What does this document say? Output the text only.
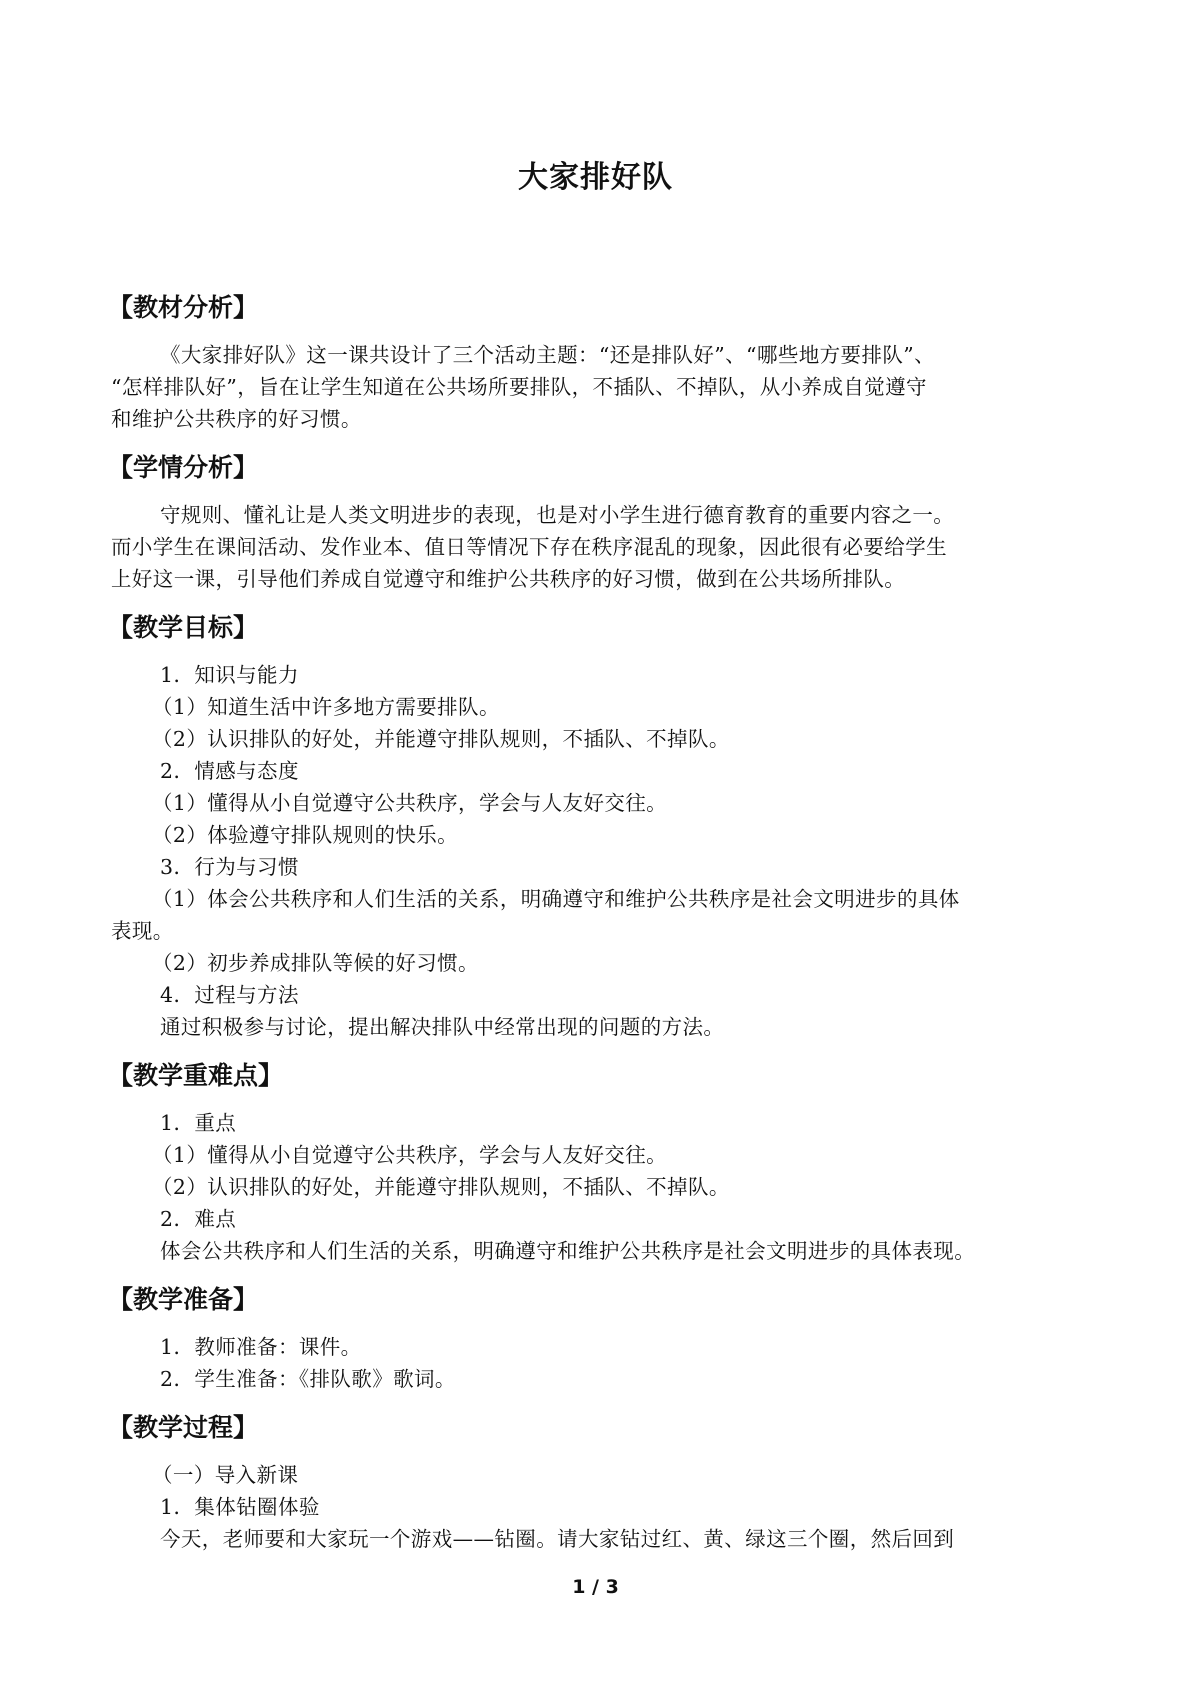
大家排好队
【教材分析】
《大家排好队》这一课共设计了三个活动主题：“还是排队好”、“哪些地方要排队”、
“怎样排队好”，旨在让学生知道在公共场所要排队，不插队、不掉队，从小养成自觉遵守
和维护公共秩序的好习惯。
【学情分析】
守规则、懂礼让是人类文明进步的表现，也是对小学生进行德育教育的重要内容之一。
而小学生在课间活动、发作业本、值日等情况下存在秩序混乱的现象，因此很有必要给学生
上好这一课，引导他们养成自觉遵守和维护公共秩序的好习惯，做到在公共场所排队。
【教学目标】
1．知识与能力
（1）知道生活中许多地方需要排队。
（2）认识排队的好处，并能遵守排队规则，不插队、不掉队。
2．情感与态度
（1）懂得从小自觉遵守公共秩序，学会与人友好交往。
（2）体验遵守排队规则的快乐。
3．行为与习惯
（1）体会公共秩序和人们生活的关系，明确遵守和维护公共秩序是社会文明进步的具体
表现。
（2）初步养成排队等候的好习惯。
4．过程与方法
通过积极参与讨论，提出解决排队中经常出现的问题的方法。
【教学重难点】
1．重点
（1）懂得从小自觉遵守公共秩序，学会与人友好交往。
（2）认识排队的好处，并能遵守排队规则，不插队、不掉队。
2．难点
体会公共秩序和人们生活的关系，明确遵守和维护公共秩序是社会文明进步的具体表现。
【教学准备】
1．教师准备：课件。
2．学生准备：《排队歌》歌词。
【教学过程】
（一）导入新课
1．集体钻圈体验
今天，老师要和大家玩一个游戏——钻圈。请大家钻过红、黄、绿这三个圈，然后回到
1 / 3
